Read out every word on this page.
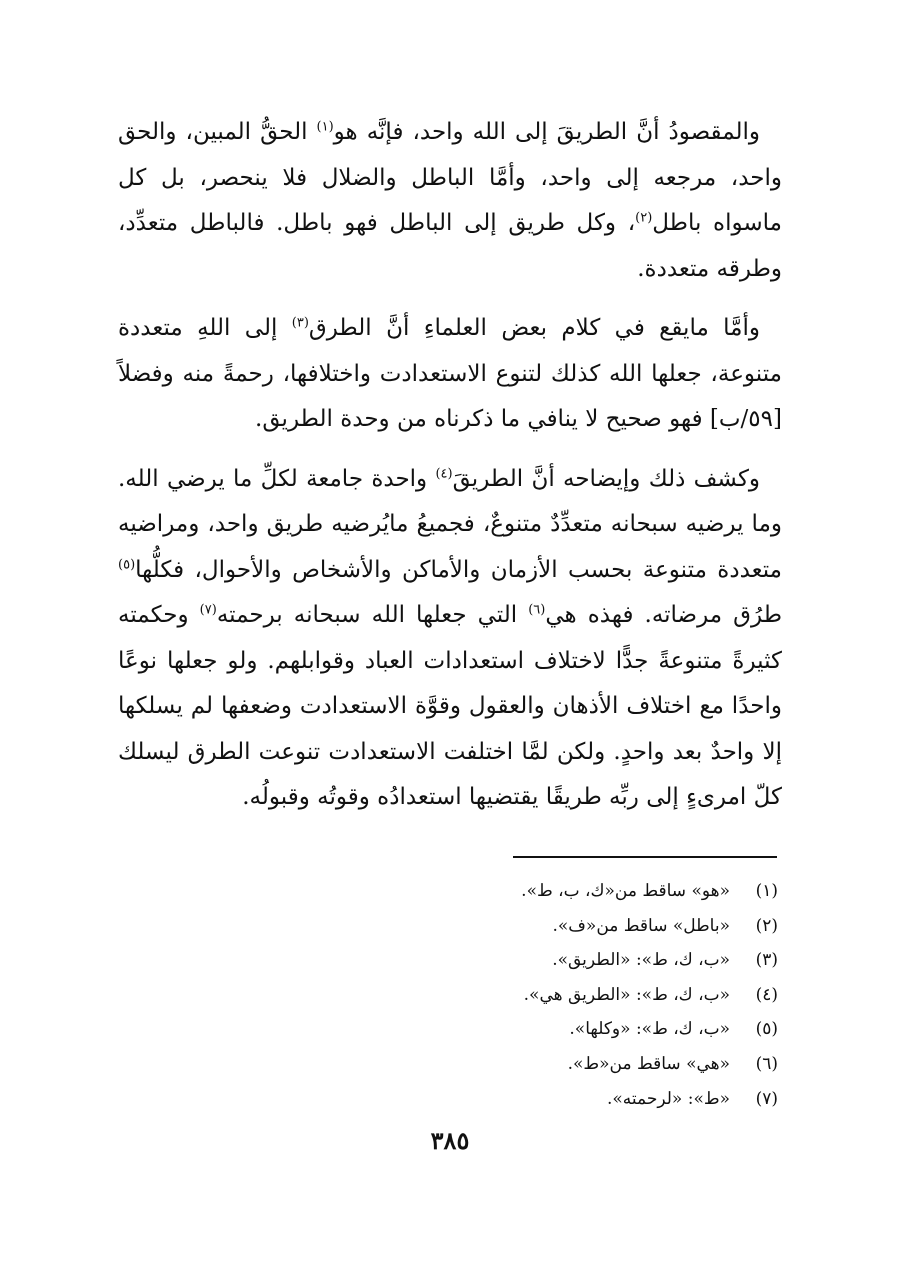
والمقصودُ أنَّ الطريقَ إلى الله واحد، فإنَّه هو$^{(١)}$ الحقُّ المبين، والحق واحد، مرجعه إلى واحد، وأمَّا الباطل والضلال فلا ينحصر، بل كل ماسواه باطل$^{(٢)}$، وكل طريق إلى الباطل فهو باطل. فالباطل متعدِّد، وطرقه متعددة.

وأمَّا مايقع في كلام بعض العلماءِ أنَّ الطرق$^{(٣)}$ إلى اللهِ متعددة متنوعة، جعلها الله كذلك لتنوع الاستعدادت واختلافها، رحمةً منه وفضلاً [٥٩/ب] فهو صحيح لا ينافي ما ذكرناه من وحدة الطريق.

وكشف ذلك وإيضاحه أنَّ الطريقَ$^{(٤)}$ واحدة جامعة لكلِّ ما يرضي الله. وما يرضيه سبحانه متعدِّدٌ متنوعٌ، فجميعُ مايُرضيه طريق واحد، ومراضيه متعددة متنوعة بحسب الأزمان والأماكن والأشخاص والأحوال، فكلُّها$^{(٥)}$ طرُق مرضاته. فهذه هي$^{(٦)}$ التي جعلها الله سبحانه برحمته$^{(٧)}$ وحكمته كثيرةً متنوعةً جدًّا لاختلاف استعدادات العباد وقوابلهم. ولو جعلها نوعًا واحدًا مع اختلاف الأذهان والعقول وقوَّة الاستعدادت وضعفها لم يسلكها إلا واحدٌ بعد واحدٍ. ولكن لمَّا اختلفت الاستعدادت تنوعت الطرق ليسلك كلّ امرىءٍ إلى ربِّه طريقًا يقتضيها استعدادُه وقوتُه وقبولُه.

(١)«هو» ساقط من«ك، ب، ط».
(٢)«باطل» ساقط من«ف».
(٣)«ب، ك، ط»: «الطريق».
(٤)«ب، ك، ط»: «الطريق هي».
(٥)«ب، ك، ط»: «وكلها».
(٦)«هي» ساقط من«ط».
(٧)«ط»: «لرحمته».
٣٨٥
